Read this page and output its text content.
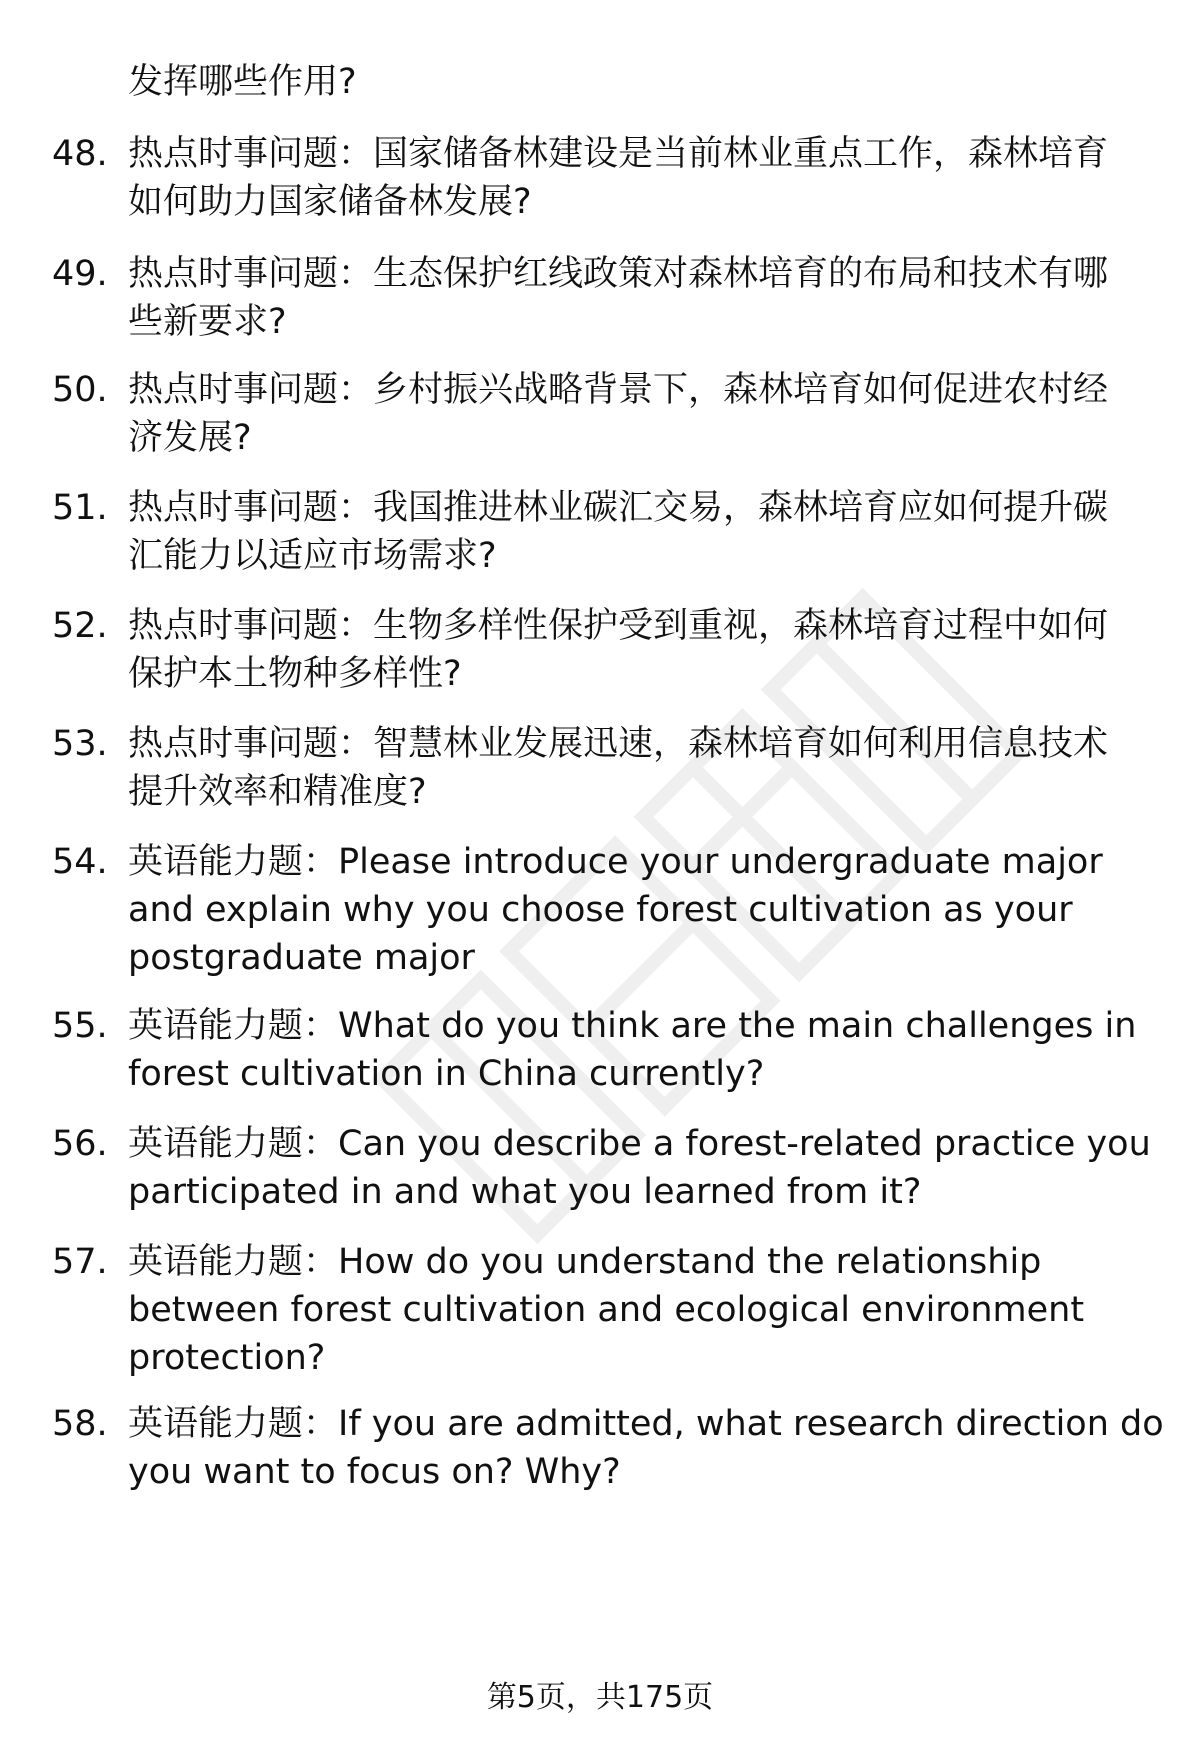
发挥哪些作用?
48. 热点时事问题：国家储备林建设是当前林业重点工作，森林培育
如何助力国家储备林发展?
49. 热点时事问题：生态保护红线政策对森林培育的布局和技术有哪
些新要求?
50. 热点时事问题：乡村振兴战略背景下，森林培育如何促进农村经
济发展?
51. 热点时事问题：我国推进林业碳汇交易，森林培育应如何提升碳
汇能力以适应市场需求?
52. 热点时事问题：生物多样性保护受到重视，森林培育过程中如何
保护本土物种多样性?
53. 热点时事问题：智慧林业发展迅速，森林培育如何利用信息技术
提升效率和精准度?
54. 英语能力题：Please introduce your undergraduate major
and explain why you choose forest cultivation as your
postgraduate major
55. 英语能力题：What do you think are the main challenges in
forest cultivation in China currently?
56. 英语能力题：Can you describe a forest-related practice you
participated in and what you learned from it?
57. 英语能力题：How do you understand the relationship
between forest cultivation and ecological environment
protection?
58. 英语能力题：If you are admitted, what research direction do
you want to focus on? Why?
第5页，共175页
